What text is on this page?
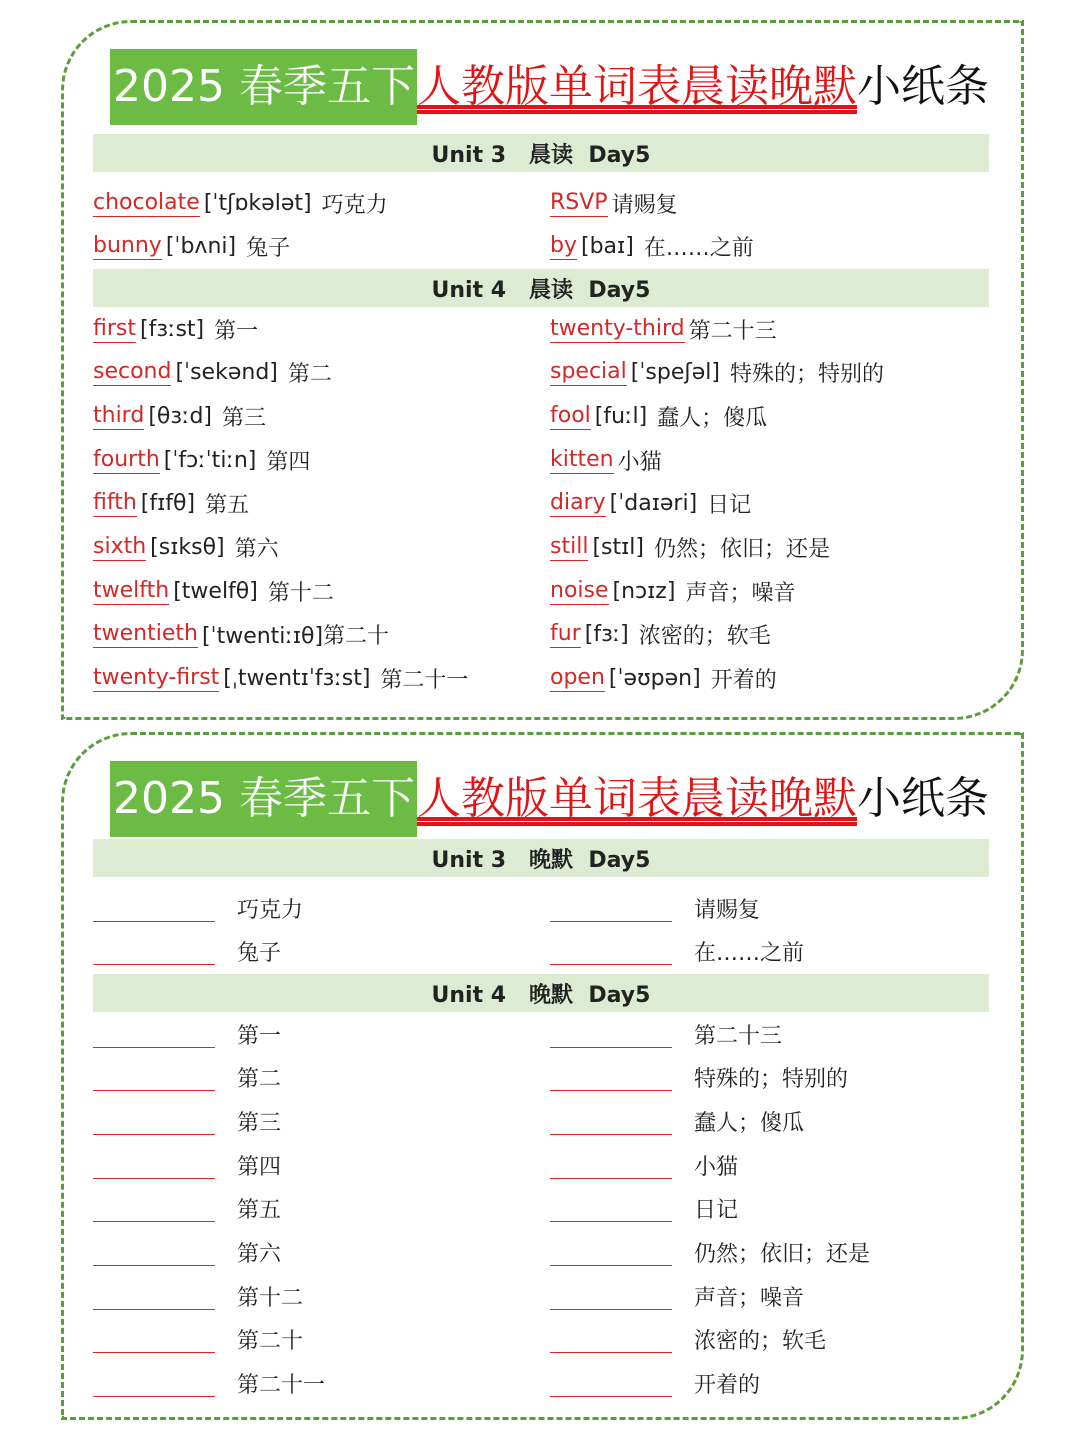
2025 春季五下 人教版单词表晨读晚默 小纸条
Unit 3   晨读  Day5
chocolate [ˈtʃɒkələt] 巧克力
bunny [ˈbʌni] 兔子
RSVP 请赐复
by [baɪ] 在……之前
Unit 4   晨读  Day5
first [fɜːst] 第一
second [ˈsekənd] 第二
third [θɜːd] 第三
fourth [ˈfɔːˈtiːn] 第四
fifth [fɪfθ] 第五
sixth [sɪksθ] 第六
twelfth [twelfθ] 第十二
twentieth [ˈtwentiːɪθ]第二十
twenty-first [ˌtwentɪˈfɜːst] 第二十一
twenty-third 第二十三
special [ˈspeʃəl] 特殊的；特别的
fool [fuːl] 蠢人；傻瓜
kitten 小猫
diary [ˈdaɪəri] 日记
still [stɪl] 仍然；依旧；还是
noise [nɔɪz] 声音；噪音
fur [fɜː] 浓密的；软毛
open [ˈəʊpən] 开着的
2025 春季五下 人教版单词表晨读晚默 小纸条
Unit 3   晚默  Day5
巧克力
兔子
请赐复
在……之前
Unit 4   晚默  Day5
第一
第二
第三
第四
第五
第六
第十二
第二十
第二十一
第二十三
特殊的；特别的
蠢人；傻瓜
小猫
日记
仍然；依旧；还是
声音；噪音
浓密的；软毛
开着的
